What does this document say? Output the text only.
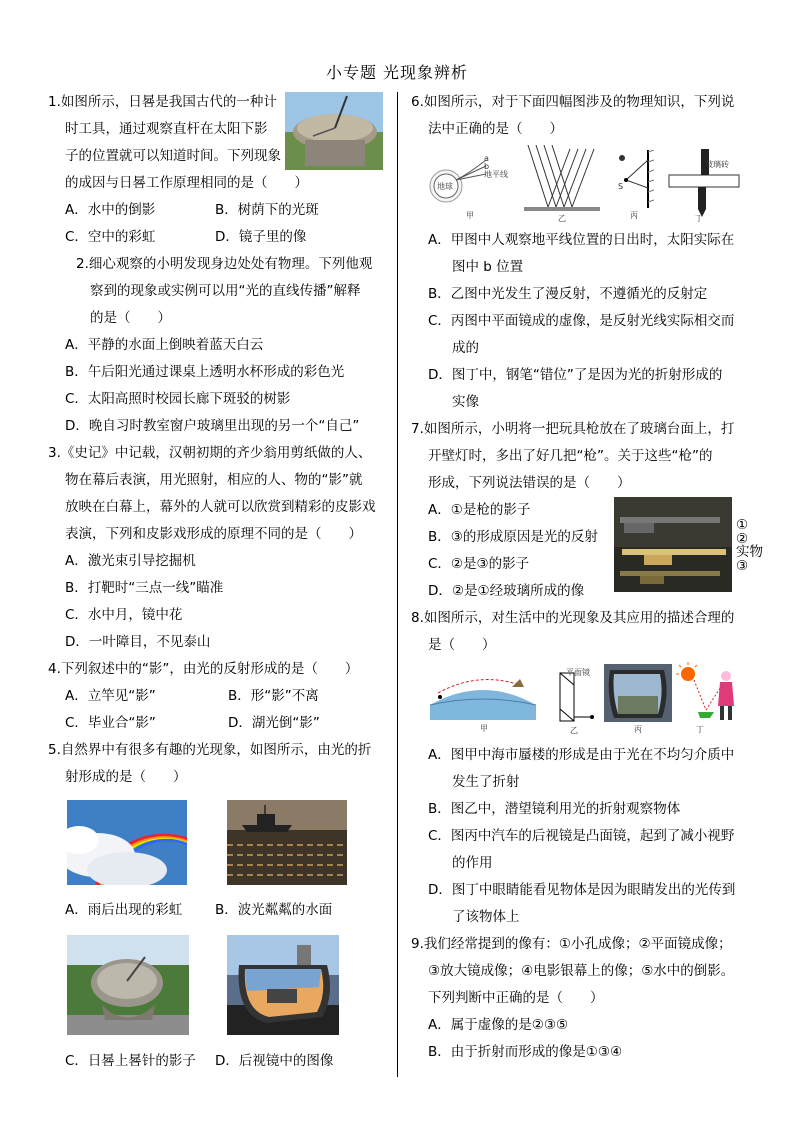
小专题 光现象辨析
1.如图所示，日晷是我国古代的一种计
时工具，通过观察直杆在太阳下影
子的位置就可以知道时间。下列现象
的成因与日晷工作原理相同的是（　　）
A．水中的倒影	B．树荫下的光斑
C．空中的彩虹	D．镜子里的像
2.细心观察的小明发现身边处处有物理。下列他观
察到的现象或实例可以用“光的直线传播”解释
的是（　　）
A．平静的水面上倒映着蓝天白云
B．午后阳光通过课桌上透明水杯形成的彩色光
C．太阳高照时校园长廊下斑驳的树影
D．晚自习时教室窗户玻璃里出现的另一个“自己”
3.《史记》中记载，汉朝初期的齐少翁用剪纸做的人、
物在幕后表演，用光照射，相应的人、物的“影”就
放映在白幕上，幕外的人就可以欣赏到精彩的皮影戏
表演，下列和皮影戏形成的原理不同的是（　　）
A．激光束引导挖掘机
B．打靶时“三点一线”瞄准
C．水中月，镜中花
D．一叶障目，不见泰山
4.下列叙述中的“影”，由光的反射形成的是（　　）
A．立竿见“影”	B．形“影”不离
C．毕业合“影”	D．湖光倒“影”
5.自然界中有很多有趣的光现象，如图所示，由光的折
射形成的是（　　）
A．雨后出现的彩虹 B．波光粼粼的水面
C．日晷上晷针的影子 D．后视镜中的图像
6.如图所示，对于下面四幅图涉及的物理知识，下列说
法中正确的是（　　）
地球
地平线
a
b
甲	乙
S
丙
玻璃砖
丁
A．甲图中人观察地平线位置的日出时，太阳实际在
图中 b 位置
B．乙图中光发生了漫反射，不遵循光的反射定
C．丙图中平面镜成的虚像，是反射光线实际相交而
成的
D．图丁中，钢笔“错位”了是因为光的折射形成的
实像
7.如图所示，小明将一把玩具枪放在了玻璃台面上，打
开壁灯时，多出了好几把“枪”。关于这些“枪”的
形成，下列说法错误的是（　　）
A．①是枪的影子
B．③的形成原因是光的反射
C．②是③的影子
D．②是①经玻璃所成的像
①
②
实物
③
8.如图所示，对生活中的光现象及其应用的描述合理的
是（　　）
甲
平面镜
乙	丙	丁
A．图甲中海市蜃楼的形成是由于光在不均匀介质中
发生了折射
B．图乙中，潜望镜利用光的折射观察物体
C．图丙中汽车的后视镜是凸面镜，起到了减小视野
的作用
D．图丁中眼睛能看见物体是因为眼睛发出的光传到
了该物体上
9.我们经常提到的像有：①小孔成像；②平面镜成像；
③放大镜成像；④电影银幕上的像；⑤水中的倒影。
下列判断中正确的是（　　）
A．属于虚像的是②③⑤
B．由于折射而形成的像是①③④
